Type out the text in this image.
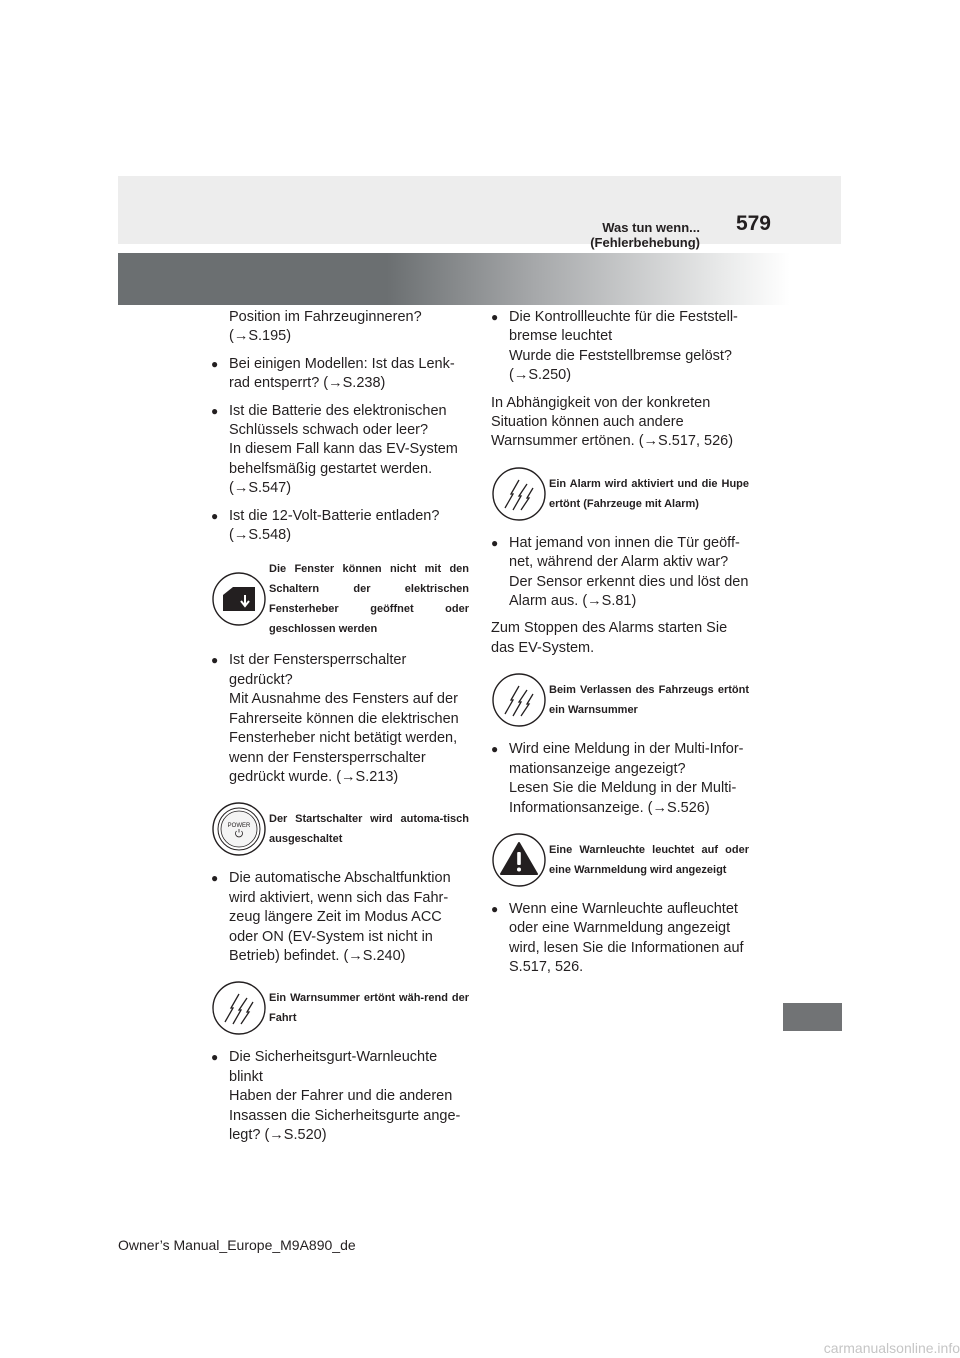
Was tun wenn... (Fehlerbehebung)
579

Position im Fahrzeuginneren?

(→S.195)

● Bei einigen Modellen: Ist das Lenk-rad entsperrt? (→S.238)

● Ist die Batterie des elektronischen Schlüssels schwach oder leer?

In diesem Fall kann das EV-System behelfsmäßig gestartet werden. (→S.547)

● Ist die 12-Volt-Batterie entladen? (→S.548)

Die Fenster können nicht mit den Schaltern der elektrischen Fensterheber geöffnet oder geschlossen werden

● Ist der Fenstersperrschalter gedrückt?

Mit Ausnahme des Fensters auf der Fahrerseite können die elektrischen Fensterheber nicht betätigt werden, wenn der Fenstersperrschalter gedrückt wurde. (→S.213)

POWER
Der Startschalter wird automa-tisch ausgeschaltet

● Die automatische Abschaltfunktion wird aktiviert, wenn sich das Fahr-zeug längere Zeit im Modus ACC oder ON (EV-System ist nicht in Betrieb) befindet. (→S.240)

Ein Warnsummer ertönt wäh-rend der Fahrt

● Die Sicherheitsgurt-Warnleuchte blinkt

Haben der Fahrer und die anderen Insassen die Sicherheitsgurte ange-legt? (→S.520)

● Die Kontrollleuchte für die Feststell-bremse leuchtet

Wurde die Feststellbremse gelöst? (→S.250)

In Abhängigkeit von der konkreten Situation können auch andere Warnsummer ertönen. (→S.517, 526)

Ein Alarm wird aktiviert und die Hupe ertönt (Fahrzeuge mit Alarm)

● Hat jemand von innen die Tür geöff-net, während der Alarm aktiv war?

Der Sensor erkennt dies und löst den Alarm aus. (→S.81)

Zum Stoppen des Alarms starten Sie das EV-System.

Beim Verlassen des Fahrzeugs ertönt ein Warnsummer

● Wird eine Meldung in der Multi-Infor-mationsanzeige angezeigt?

Lesen Sie die Meldung in der Multi-Informationsanzeige. (→S.526)

Eine Warnleuchte leuchtet auf oder eine Warnmeldung wird angezeigt

● Wenn eine Warnleuchte aufleuchtet oder eine Warnmeldung angezeigt wird, lesen Sie die Informationen auf S.517, 526.

Owner’s Manual_Europe_M9A890_de
carmanualsonline.info
